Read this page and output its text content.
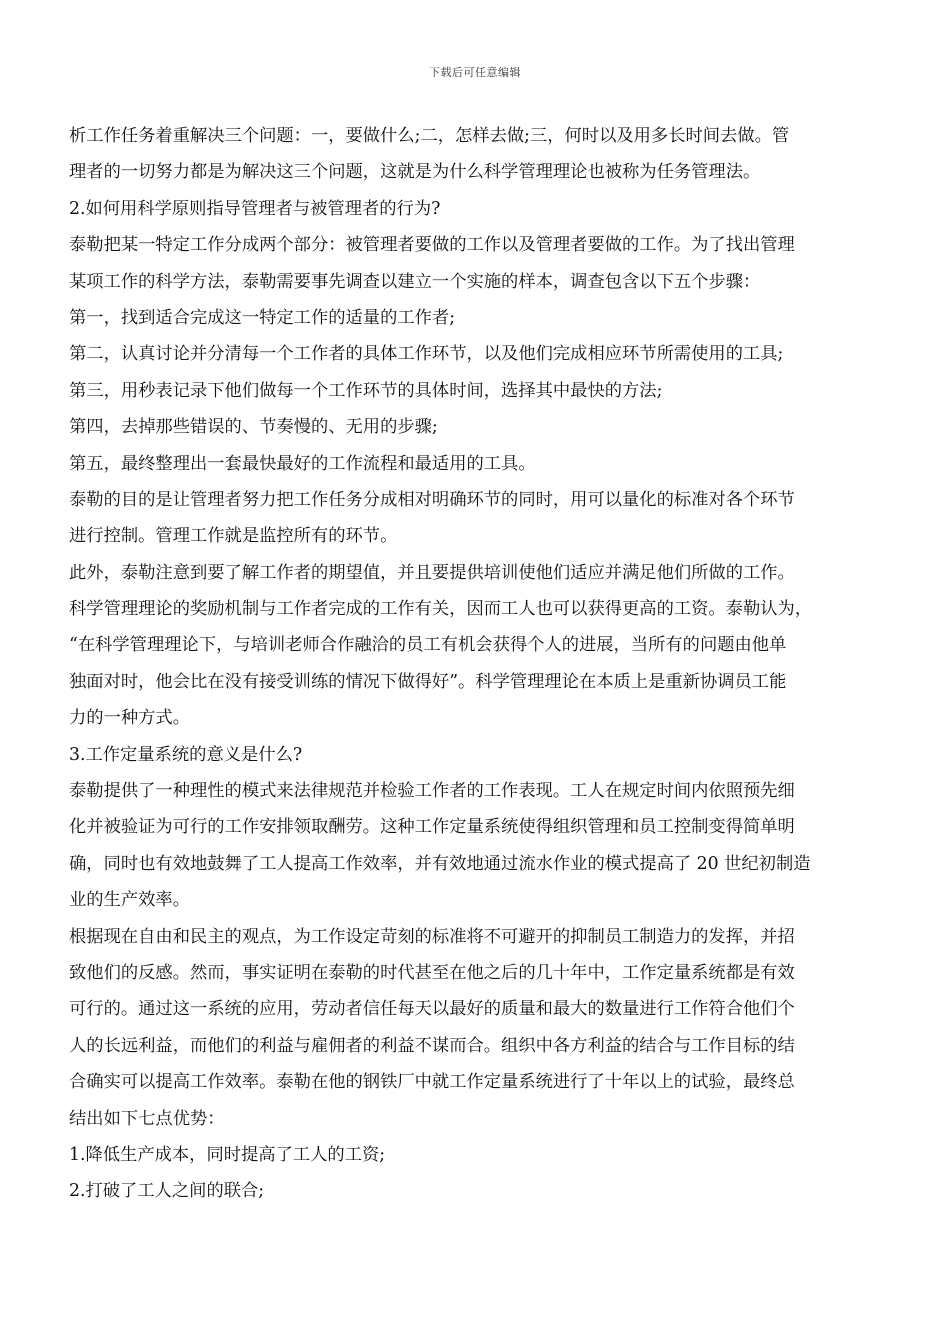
下载后可任意编辑
析工作任务着重解决三个问题：一，要做什么;二，怎样去做;三，何时以及用多长时间去做。管
理者的一切努力都是为解决这三个问题，这就是为什么科学管理理论也被称为任务管理法。
2.如何用科学原则指导管理者与被管理者的行为?
泰勒把某一特定工作分成两个部分：被管理者要做的工作以及管理者要做的工作。为了找出管理
某项工作的科学方法，泰勒需要事先调查以建立一个实施的样本，调查包含以下五个步骤：
第一，找到适合完成这一特定工作的适量的工作者;
第二，认真讨论并分清每一个工作者的具体工作环节，以及他们完成相应环节所需使用的工具;
第三，用秒表记录下他们做每一个工作环节的具体时间，选择其中最快的方法;
第四，去掉那些错误的、节奏慢的、无用的步骤;
第五，最终整理出一套最快最好的工作流程和最适用的工具。
泰勒的目的是让管理者努力把工作任务分成相对明确环节的同时，用可以量化的标准对各个环节
进行控制。管理工作就是监控所有的环节。
此外，泰勒注意到要了解工作者的期望值，并且要提供培训使他们适应并满足他们所做的工作。
科学管理理论的奖励机制与工作者完成的工作有关，因而工人也可以获得更高的工资。泰勒认为，
“在科学管理理论下，与培训老师合作融洽的员工有机会获得个人的进展，当所有的问题由他单
独面对时，他会比在没有接受训练的情况下做得好”。科学管理理论在本质上是重新协调员工能
力的一种方式。
3.工作定量系统的意义是什么?
泰勒提供了一种理性的模式来法律规范并检验工作者的工作表现。工人在规定时间内依照预先细
化并被验证为可行的工作安排领取酬劳。这种工作定量系统使得组织管理和员工控制变得简单明
确，同时也有效地鼓舞了工人提高工作效率，并有效地通过流水作业的模式提高了 20 世纪初制造
业的生产效率。
根据现在自由和民主的观点，为工作设定苛刻的标准将不可避开的抑制员工制造力的发挥，并招
致他们的反感。然而，事实证明在泰勒的时代甚至在他之后的几十年中，工作定量系统都是有效
可行的。通过这一系统的应用，劳动者信任每天以最好的质量和最大的数量进行工作符合他们个
人的长远利益，而他们的利益与雇佣者的利益不谋而合。组织中各方利益的结合与工作目标的结
合确实可以提高工作效率。泰勒在他的钢铁厂中就工作定量系统进行了十年以上的试验，最终总
结出如下七点优势：
1.降低生产成本，同时提高了工人的工资;
2.打破了工人之间的联合;
